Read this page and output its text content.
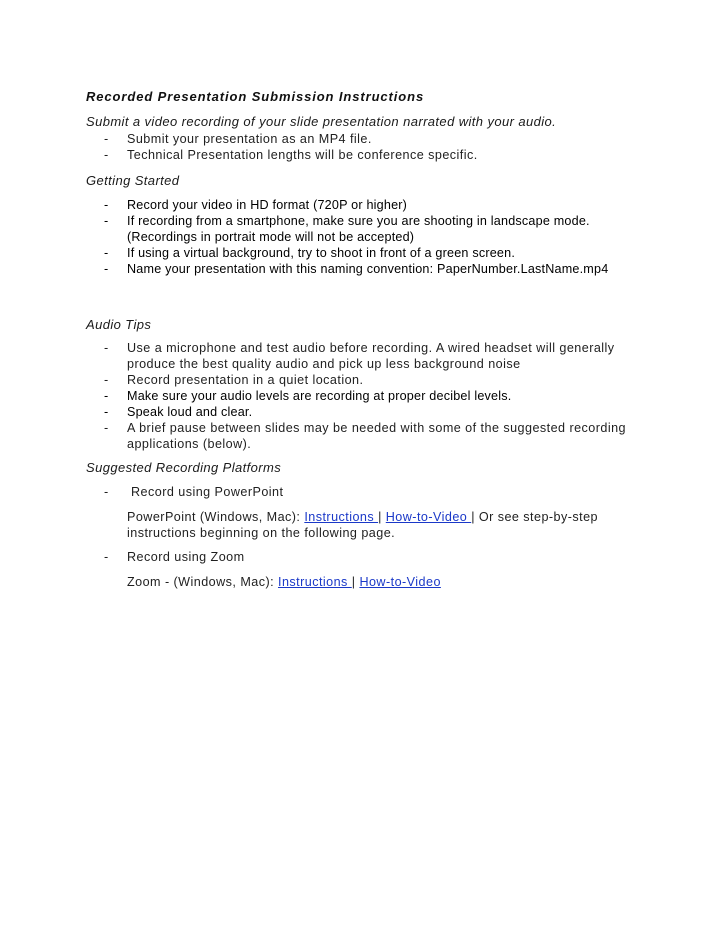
Recorded Presentation Submission Instructions

Submit a video recording of your slide presentation narrated with your audio.

- Submit your presentation as an MP4 file.
- Technical Presentation lengths will be conference specific.

Getting Started

- Record your video in HD format (720P or higher)
- If recording from a smartphone, make sure you are shooting in landscape mode. (Recordings in portrait mode will not be accepted)
- If using a virtual background, try to shoot in front of a green screen.
- Name your presentation with this naming convention: PaperNumber.LastName.mp4

Audio Tips

- Use a microphone and test audio before recording. A wired headset will generally produce the best quality audio and pick up less background noise
- Record presentation in a quiet location.
- Make sure your audio levels are recording at proper decibel levels.
- Speak loud and clear.
- A brief pause between slides may be needed with some of the suggested recording applications (below).

Suggested Recording Platforms

- Record using PowerPoint

PowerPoint (Windows, Mac): Instructions | How-to-Video | Or see step-by-step instructions beginning on the following page.

- Record using Zoom

Zoom - (Windows, Mac): Instructions | How-to-Video
